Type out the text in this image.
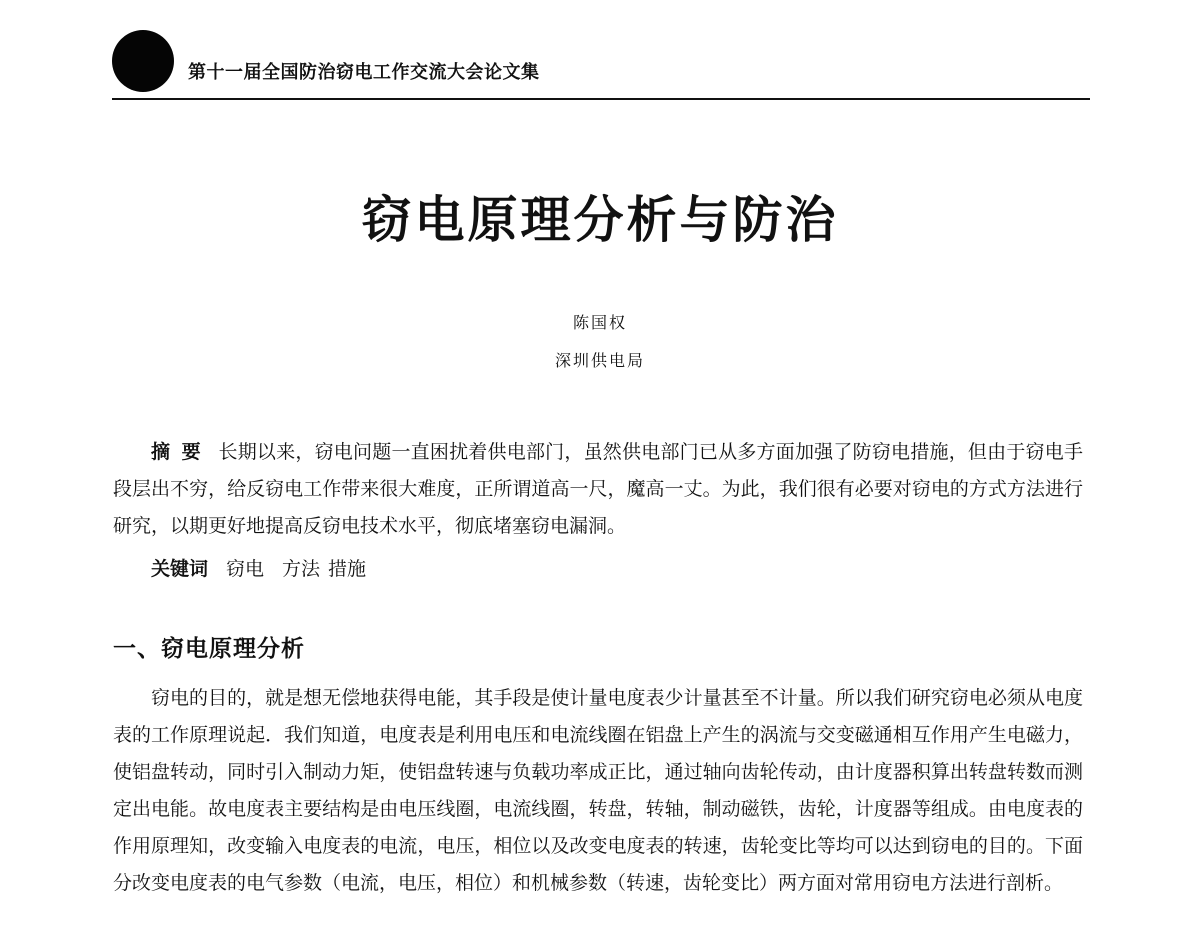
第十一届全国防治窃电工作交流大会论文集
窃电原理分析与防治
陈国权
深圳供电局
摘要 长期以来，窃电问题一直困扰着供电部门，虽然供电部门已从多方面加强了防窃电措施，但由于窃电手段层出不穷，给反窃电工作带来很大难度，正所谓道高一尺，魔高一丈。为此，我们很有必要对窃电的方式方法进行研究，以期更好地提高反窃电技术水平，彻底堵塞窃电漏洞。
关键词 窃电 方法 措施
一、窃电原理分析
窃电的目的，就是想无偿地获得电能，其手段是使计量电度表少计量甚至不计量。所以我们研究窃电必须从电度表的工作原理说起．我们知道，电度表是利用电压和电流线圈在铝盘上产生的涡流与交变磁通相互作用产生电磁力，使铝盘转动，同时引入制动力矩，使铝盘转速与负载功率成正比，通过轴向齿轮传动，由计度器积算出转盘转数而测定出电能。故电度表主要结构是由电压线圈，电流线圈，转盘，转轴，制动磁铁，齿轮，计度器等组成。由电度表的作用原理知，改变输入电度表的电流，电压，相位以及改变电度表的转速，齿轮变比等均可以达到窃电的目的。下面分改变电度表的电气参数（电流，电压，相位）和机械参数（转速，齿轮变比）两方面对常用窃电方法进行剖析。
